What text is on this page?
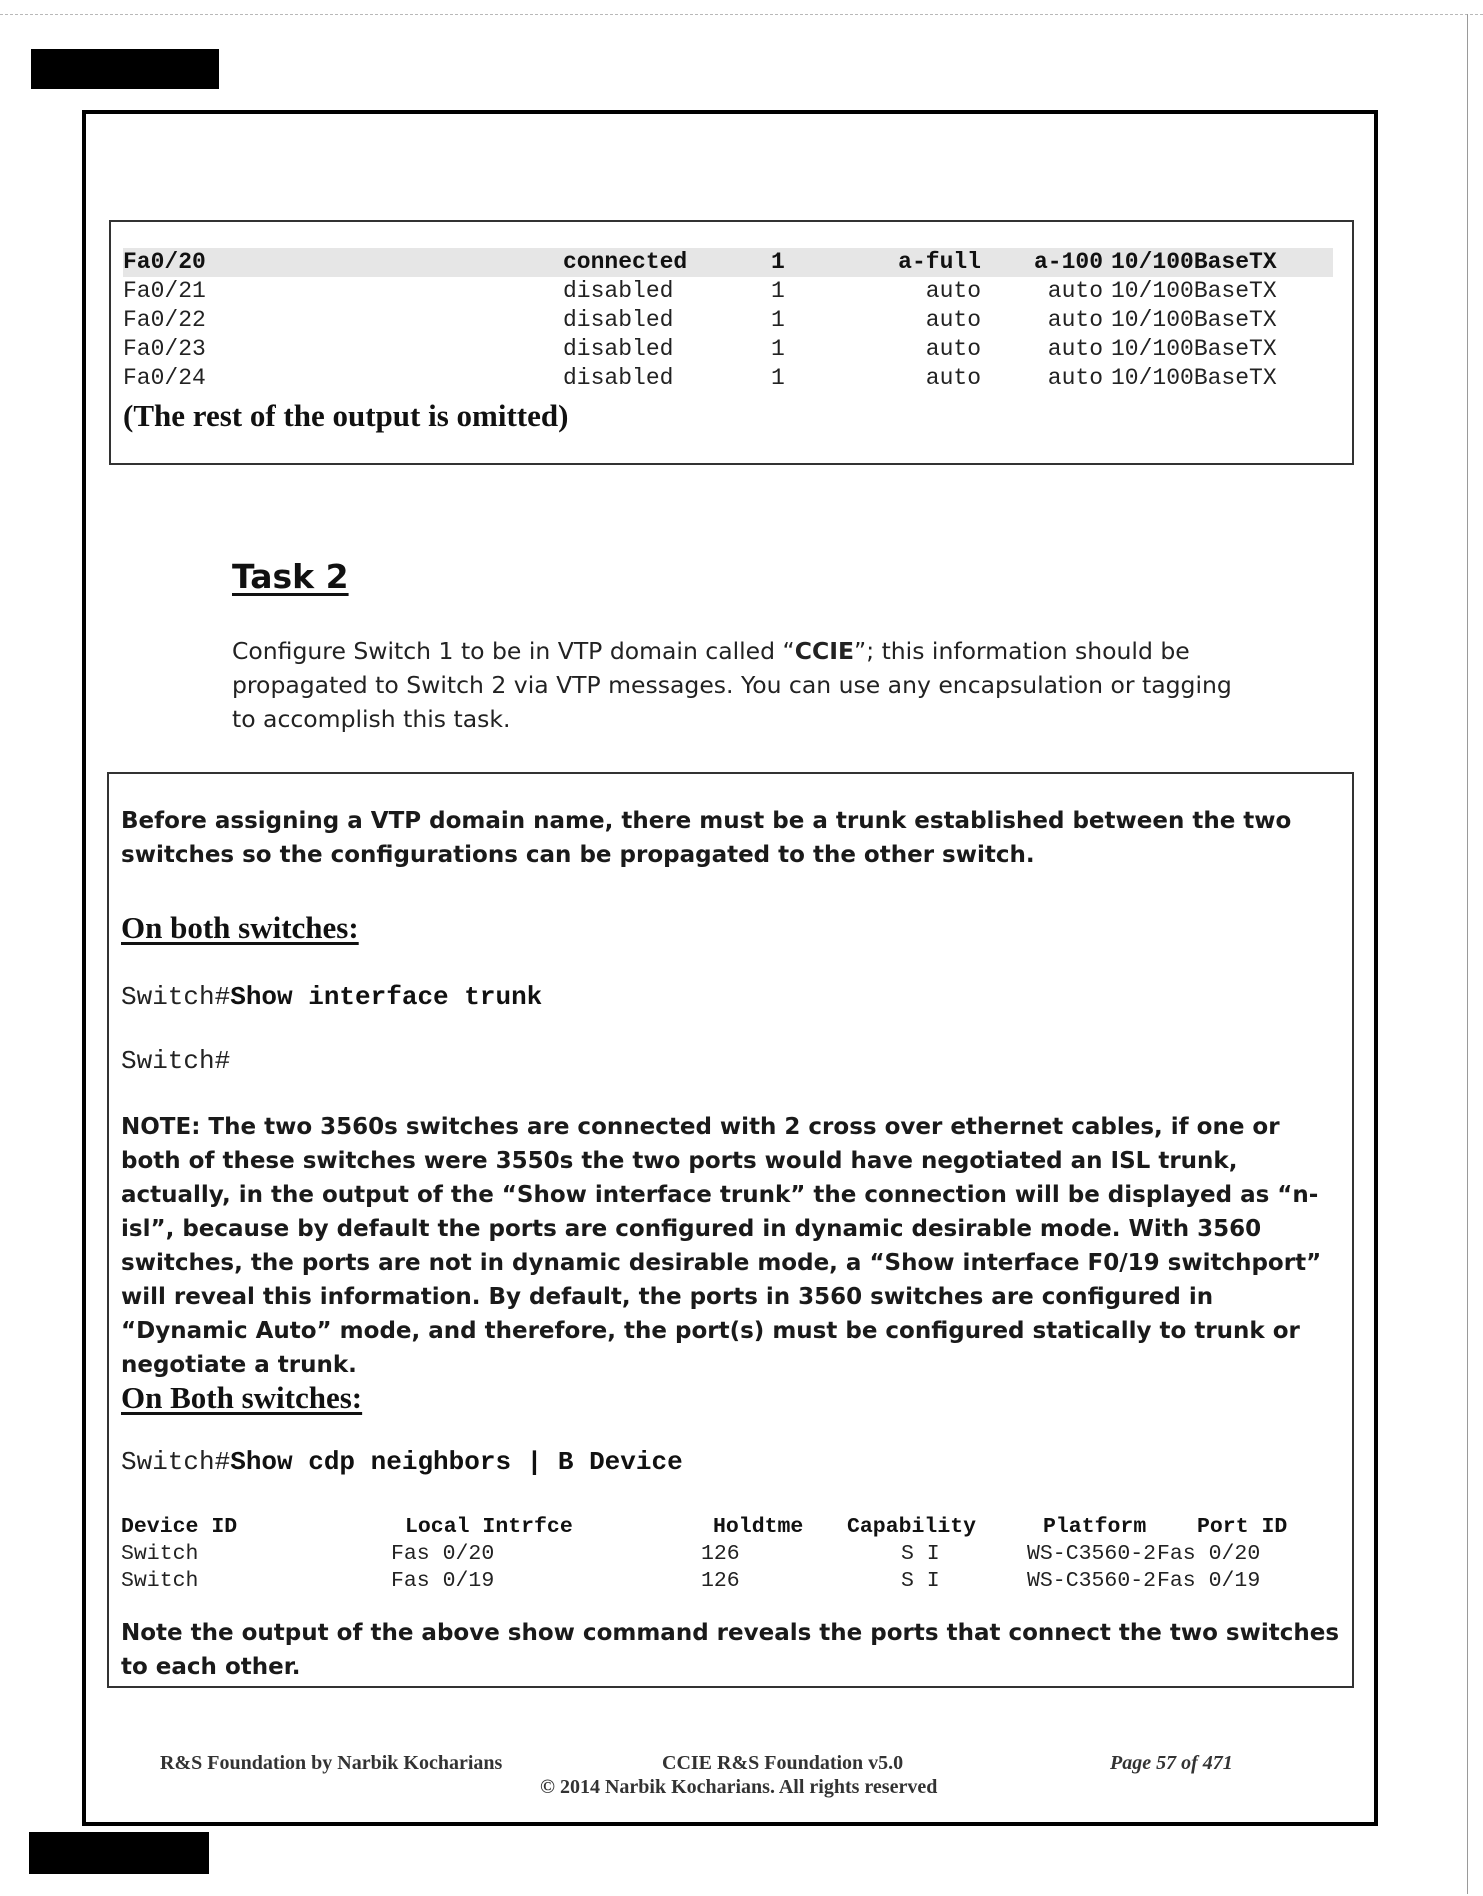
Fa0/20	connected	1	a-full	a-100 10/100BaseTX
Fa0/21	disabled	1	auto	auto 10/100BaseTX
Fa0/22	disabled	1	auto	auto 10/100BaseTX
Fa0/23	disabled	1	auto	auto 10/100BaseTX
Fa0/24	disabled	1	auto	auto 10/100BaseTX
(The rest of the output is omitted)
Task 2
Configure Switch 1 to be in VTP domain called “CCIE”; this information should be propagated to Switch 2 via VTP messages. You can use any encapsulation or tagging to accomplish this task.
Before assigning a VTP domain name, there must be a trunk established between the two switches so the configurations can be propagated to the other switch.
On both switches:
Switch#Show interface trunk
Switch#
NOTE: The two 3560s switches are connected with 2 cross over ethernet cables, if one or both of these switches were 3550s the two ports would have negotiated an ISL trunk, actually, in the output of the “Show interface trunk” the connection will be displayed as “n-isl”, because by default the ports are configured in dynamic desirable mode. With 3560 switches, the ports are not in dynamic desirable mode, a “Show interface F0/19 switchport” will reveal this information. By default, the ports in 3560 switches are configured in “Dynamic Auto” mode, and therefore, the port(s) must be configured statically to trunk or negotiate a trunk.
On Both switches:
Switch#Show cdp neighbors | B Device
Device ID	Local Intrfce	Holdtme Capability	Platform Port ID
Switch	Fas 0/20	126	S I	WS-C3560-2 Fas 0/20
Switch	Fas 0/19	126	S I	WS-C3560-2 Fas 0/19
Note the output of the above show command reveals the ports that connect the two switches to each other.
R&S Foundation by Narbik Kocharians	CCIE R&S Foundation v5.0	Page 57 of 471
© 2014 Narbik Kocharians. All rights reserved
